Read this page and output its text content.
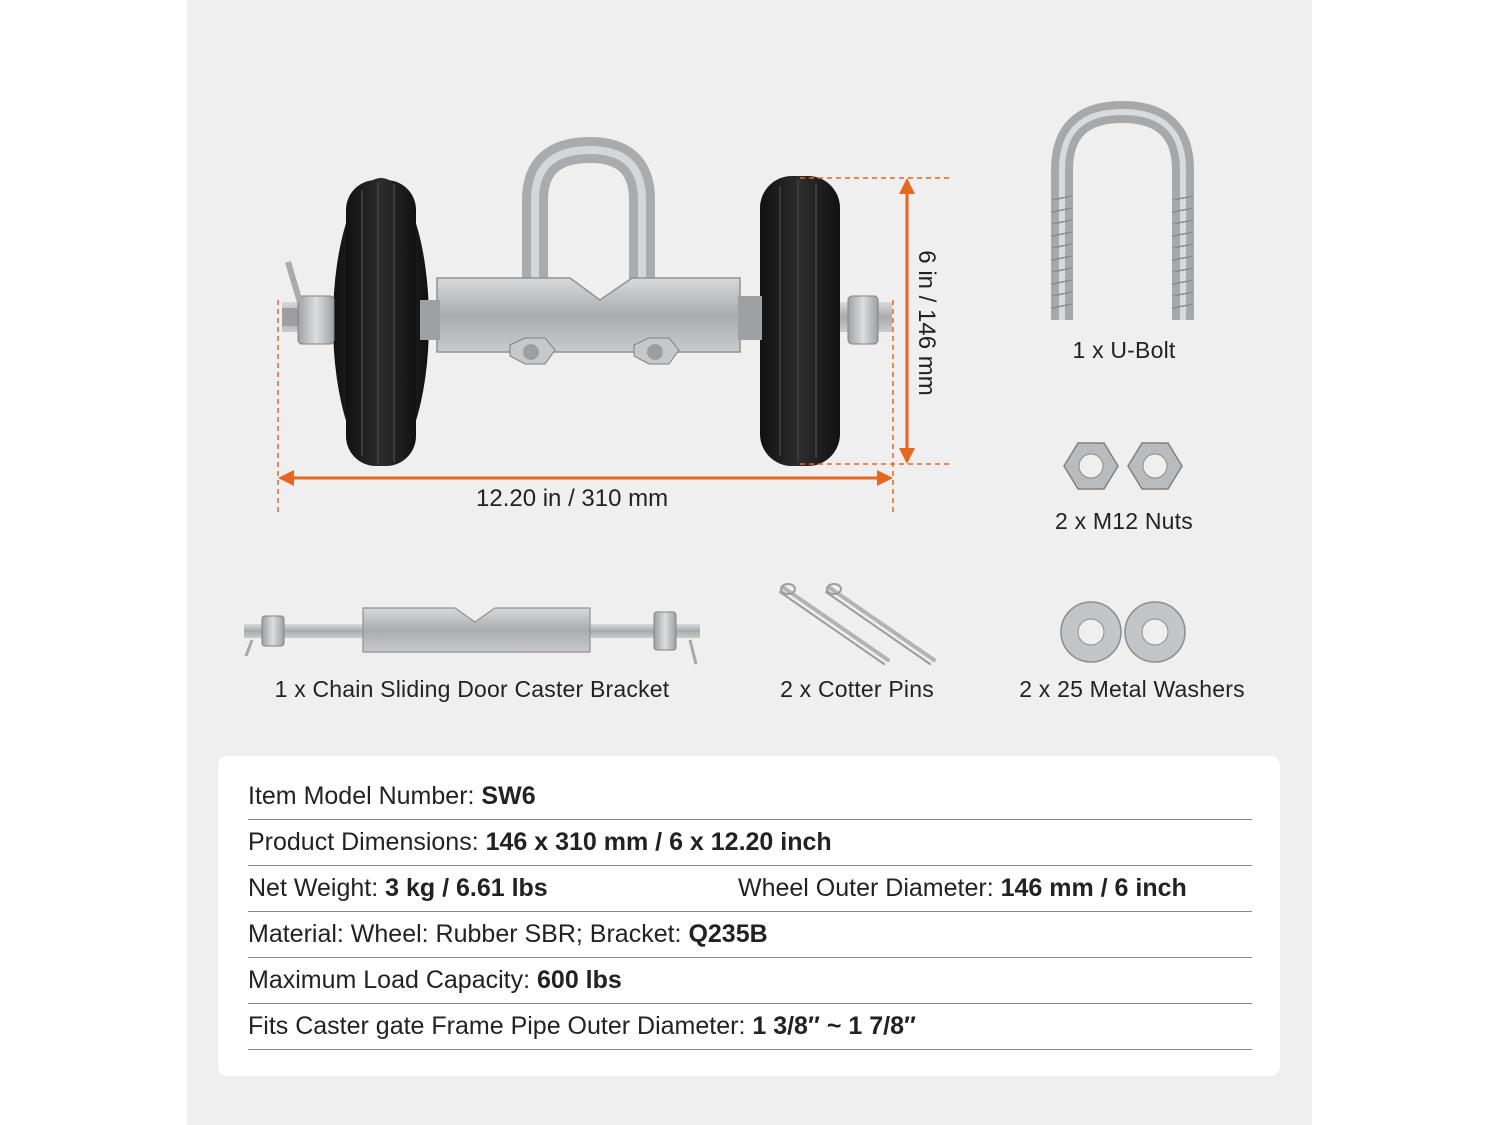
12.20 in / 310 mm
6 in / 146 mm	1 x U-Bolt
2 x M12 Nuts
1 x Chain Sliding Door Caster Bracket	2 x Cotter Pins	2 x 25 Metal Washers
Item Model Number: SW6
Product Dimensions: 146 x 310 mm / 6 x 12.20 inch
Net Weight: 3 kg / 6.61 lbs	Wheel Outer Diameter: 146 mm / 6 inch
Material: Wheel: Rubber SBR; Bracket: Q235B
Maximum Load Capacity: 600 lbs
Fits Caster gate Frame Pipe Outer Diameter: 1 3/8″ ~ 1 7/8″
